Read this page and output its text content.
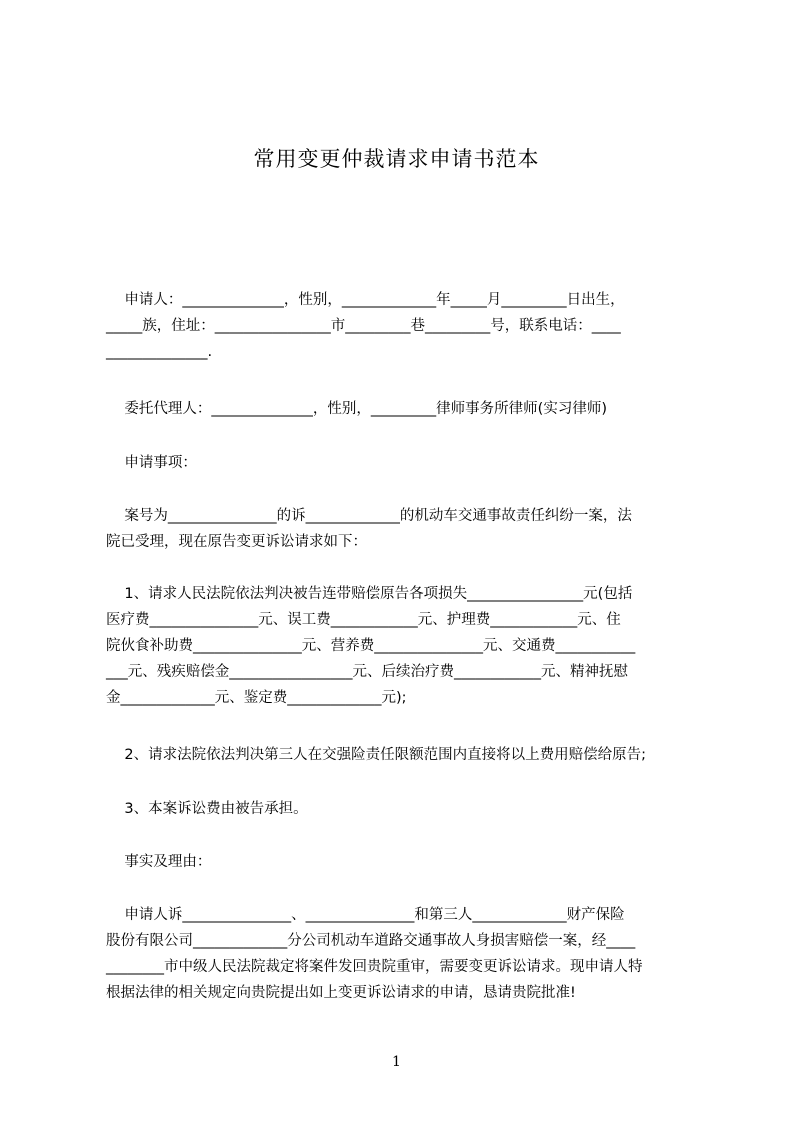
常用变更仲裁请求申请书范本
申请人：______________，性别，_____________年_____月_________日出生，
_____族，住址：________________市_________巷_________号，联系电话：____
______________.
委托代理人：______________，性别，_________律师事务所律师(实习律师)
申请事项：
案号为_______________的诉_____________的机动车交通事故责任纠纷一案，法
院已受理，现在原告变更诉讼请求如下：
1、请求人民法院依法判决被告连带赔偿原告各项损失________________元(包括
医疗费_______________元、误工费____________元、护理费____________元、住
院伙食补助费_______________元、营养费_______________元、交通费___________
___元、残疾赔偿金_________________元、后续治疗费____________元、精神抚慰
金_____________元、鉴定费_____________元);
2、请求法院依法判决第三人在交强险责任限额范围内直接将以上费用赔偿给原告;
3、本案诉讼费由被告承担。
事实及理由：
申请人诉_______________、_______________和第三人_____________财产保险
股份有限公司_____________分公司机动车道路交通事故人身损害赔偿一案，经____
________市中级人民法院裁定将案件发回贵院重审，需要变更诉讼请求。现申请人特
根据法律的相关规定向贵院提出如上变更诉讼请求的申请，恳请贵院批准!
1
